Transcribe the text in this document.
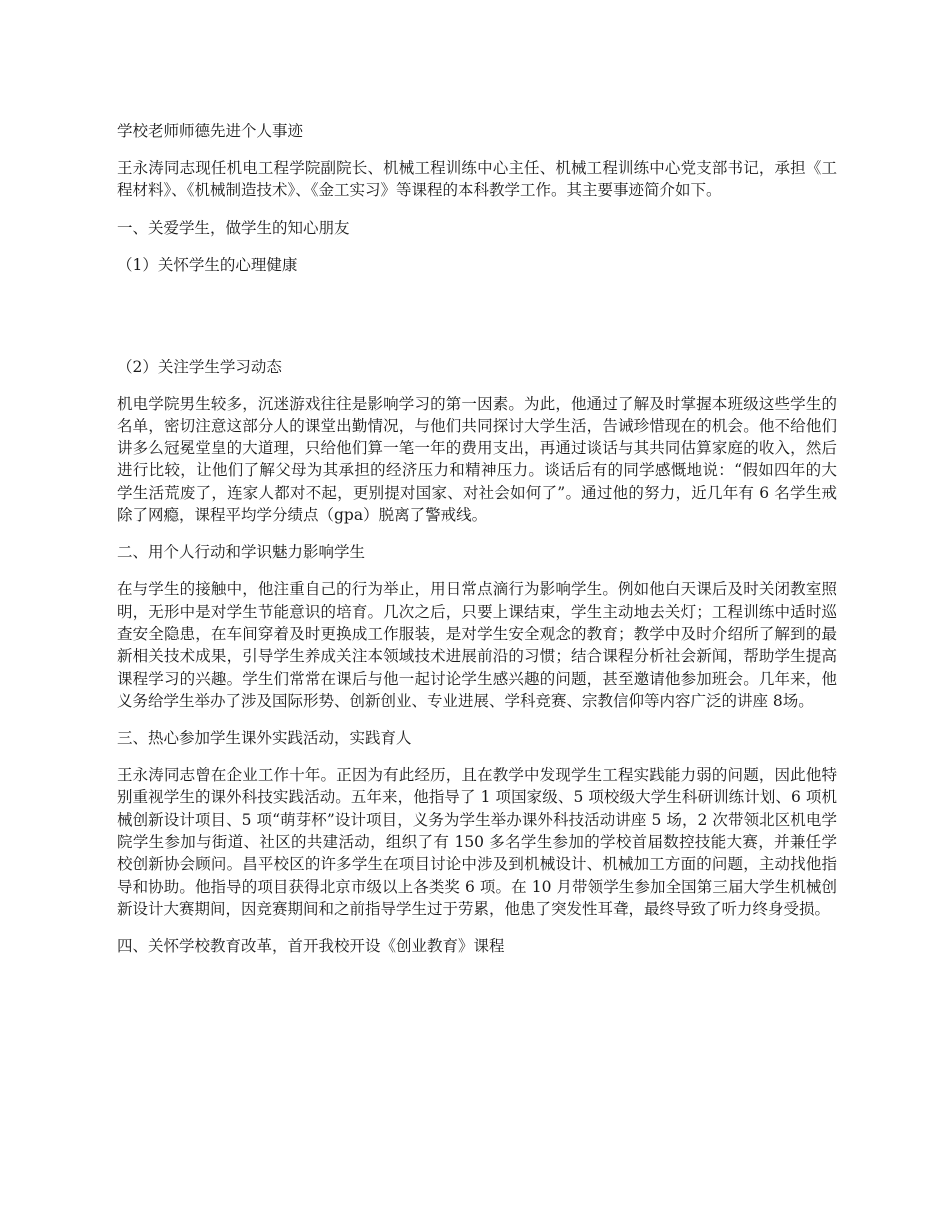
学校老师师德先进个人事迹

王永涛同志现任机电工程学院副院长、机械工程训练中心主任、机械工程训练中心党支部书记，承担《工程材料》、《机械制造技术》、《金工实习》等课程的本科教学工作。其主要事迹简介如下。

一、关爱学生，做学生的知心朋友

（1）关怀学生的心理健康

（2）关注学生学习动态

机电学院男生较多，沉迷游戏往往是影响学习的第一因素。为此，他通过了解及时掌握本班级这些学生的名单，密切注意这部分人的课堂出勤情况，与他们共同探讨大学生活，告诫珍惜现在的机会。他不给他们讲多么冠冕堂皇的大道理，只给他们算一笔一年的费用支出，再通过谈话与其共同估算家庭的收入，然后进行比较，让他们了解父母为其承担的经济压力和精神压力。谈话后有的同学感慨地说：“假如四年的大学生活荒废了，连家人都对不起，更别提对国家、对社会如何了”。通过他的努力，近几年有 6 名学生戒除了网瘾，课程平均学分绩点（gpa）脱离了警戒线。

二、用个人行动和学识魅力影响学生

在与学生的接触中，他注重自己的行为举止，用日常点滴行为影响学生。例如他白天课后及时关闭教室照明，无形中是对学生节能意识的培育。几次之后，只要上课结束，学生主动地去关灯；工程训练中适时巡查安全隐患，在车间穿着及时更换成工作服装，是对学生安全观念的教育；教学中及时介绍所了解到的最新相关技术成果，引导学生养成关注本领域技术进展前沿的习惯；结合课程分析社会新闻，帮助学生提高课程学习的兴趣。学生们常常在课后与他一起讨论学生感兴趣的问题，甚至邀请他参加班会。几年来，他义务给学生举办了涉及国际形势、创新创业、专业进展、学科竞赛、宗教信仰等内容广泛的讲座 8场。

三、热心参加学生课外实践活动，实践育人

王永涛同志曾在企业工作十年。正因为有此经历，且在教学中发现学生工程实践能力弱的问题，因此他特别重视学生的课外科技实践活动。五年来，他指导了 1 项国家级、5 项校级大学生科研训练计划、6 项机械创新设计项目、5 项“萌芽杯”设计项目，义务为学生举办课外科技活动讲座 5 场，2 次带领北区机电学院学生参加与街道、社区的共建活动，组织了有 150 多名学生参加的学校首届数控技能大赛，并兼任学校创新协会顾问。昌平校区的许多学生在项目讨论中涉及到机械设计、机械加工方面的问题，主动找他指导和协助。他指导的项目获得北京市级以上各类奖 6 项。在 10 月带领学生参加全国第三届大学生机械创新设计大赛期间，因竞赛期间和之前指导学生过于劳累，他患了突发性耳聋，最终导致了听力终身受损。

四、关怀学校教育改革，首开我校开设《创业教育》课程
